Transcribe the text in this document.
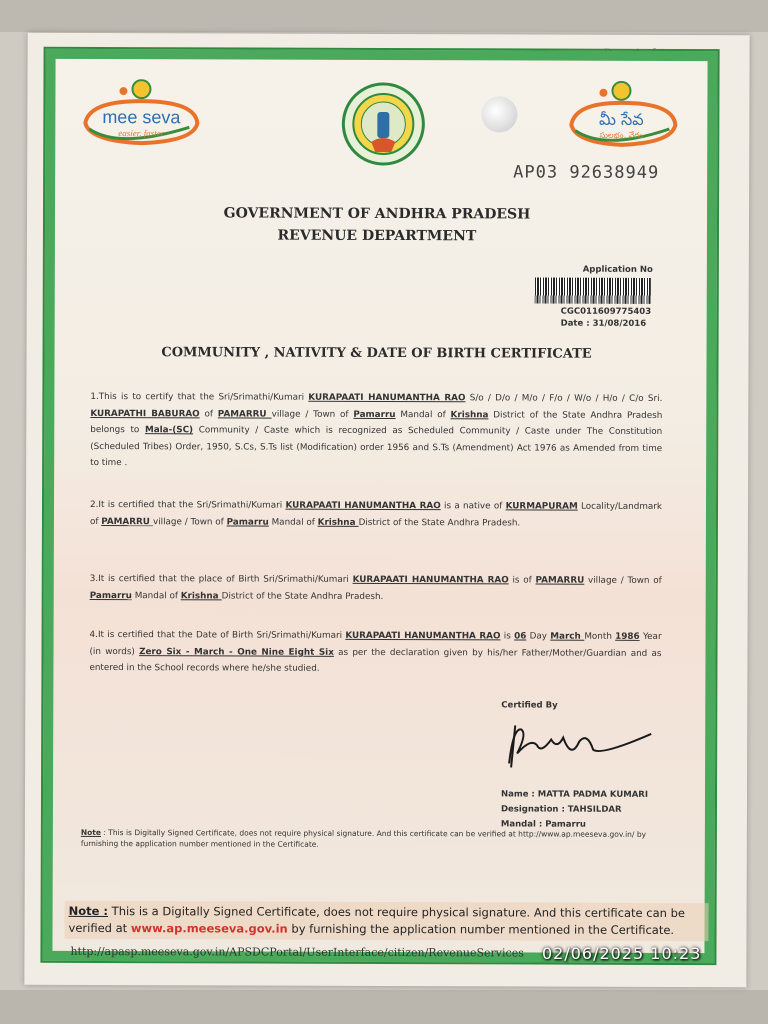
mee seva
easier, faster
మీ సేవ
సులభం, వేగం
AP03 92638949
GOVERNMENT OF ANDHRA PRADESH
REVENUE DEPARTMENT
Application No
CGC011609775403
Date : 31/08/2016
COMMUNITY , NATIVITY & DATE OF BIRTH CERTIFICATE
1.This is to certify that the Sri/Srimathi/Kumari KURAPAATI HANUMANTHA RAO S/o / D/o / M/o / F/o / W/o / H/o / C/o Sri. KURAPATHI BABURAO of PAMARRU village / Town of Pamarru Mandal of Krishna District of the State Andhra Pradesh belongs to Mala-(SC) Community / Caste which is recognized as Scheduled Community / Caste under The Constitution (Scheduled Tribes) Order, 1950, S.Cs, S.Ts list (Modification) order 1956 and S.Ts (Amendment) Act 1976 as Amended from time to time .
2.It is certified that the Sri/Srimathi/Kumari KURAPAATI HANUMANTHA RAO is a native of KURMAPURAM Locality/Landmark of PAMARRU village / Town of Pamarru Mandal of Krishna District of the State Andhra Pradesh.
3.It is certified that the place of Birth Sri/Srimathi/Kumari KURAPAATI HANUMANTHA RAO is of PAMARRU village / Town of Pamarru Mandal of Krishna District of the State Andhra Pradesh.
4.It is certified that the Date of Birth Sri/Srimathi/Kumari KURAPAATI HANUMANTHA RAO is 06 Day March Month 1986 Year (in words) Zero Six - March - One Nine Eight Six as per the declaration given by his/her Father/Mother/Guardian and as entered in the School records where he/she studied.
Certified By
Name : MATTA PADMA KUMARI
Designation : TAHSILDAR
Mandal : Pamarru
Note : This is Digitally Signed Certificate, does not require physical signature. And this certificate can be verified at http://www.ap.meeseva.gov.in/ by furnishing the application number mentioned in the Certificate.
Note : This is a Digitally Signed Certificate, does not require physical signature. And this certificate can be verified at www.ap.meeseva.gov.in by furnishing the application number mentioned in the Certificate.
http://apasp.meeseva.gov.in/APSDCPortal/UserInterface/citizen/RevenueServices	02/06/2025 10:23
